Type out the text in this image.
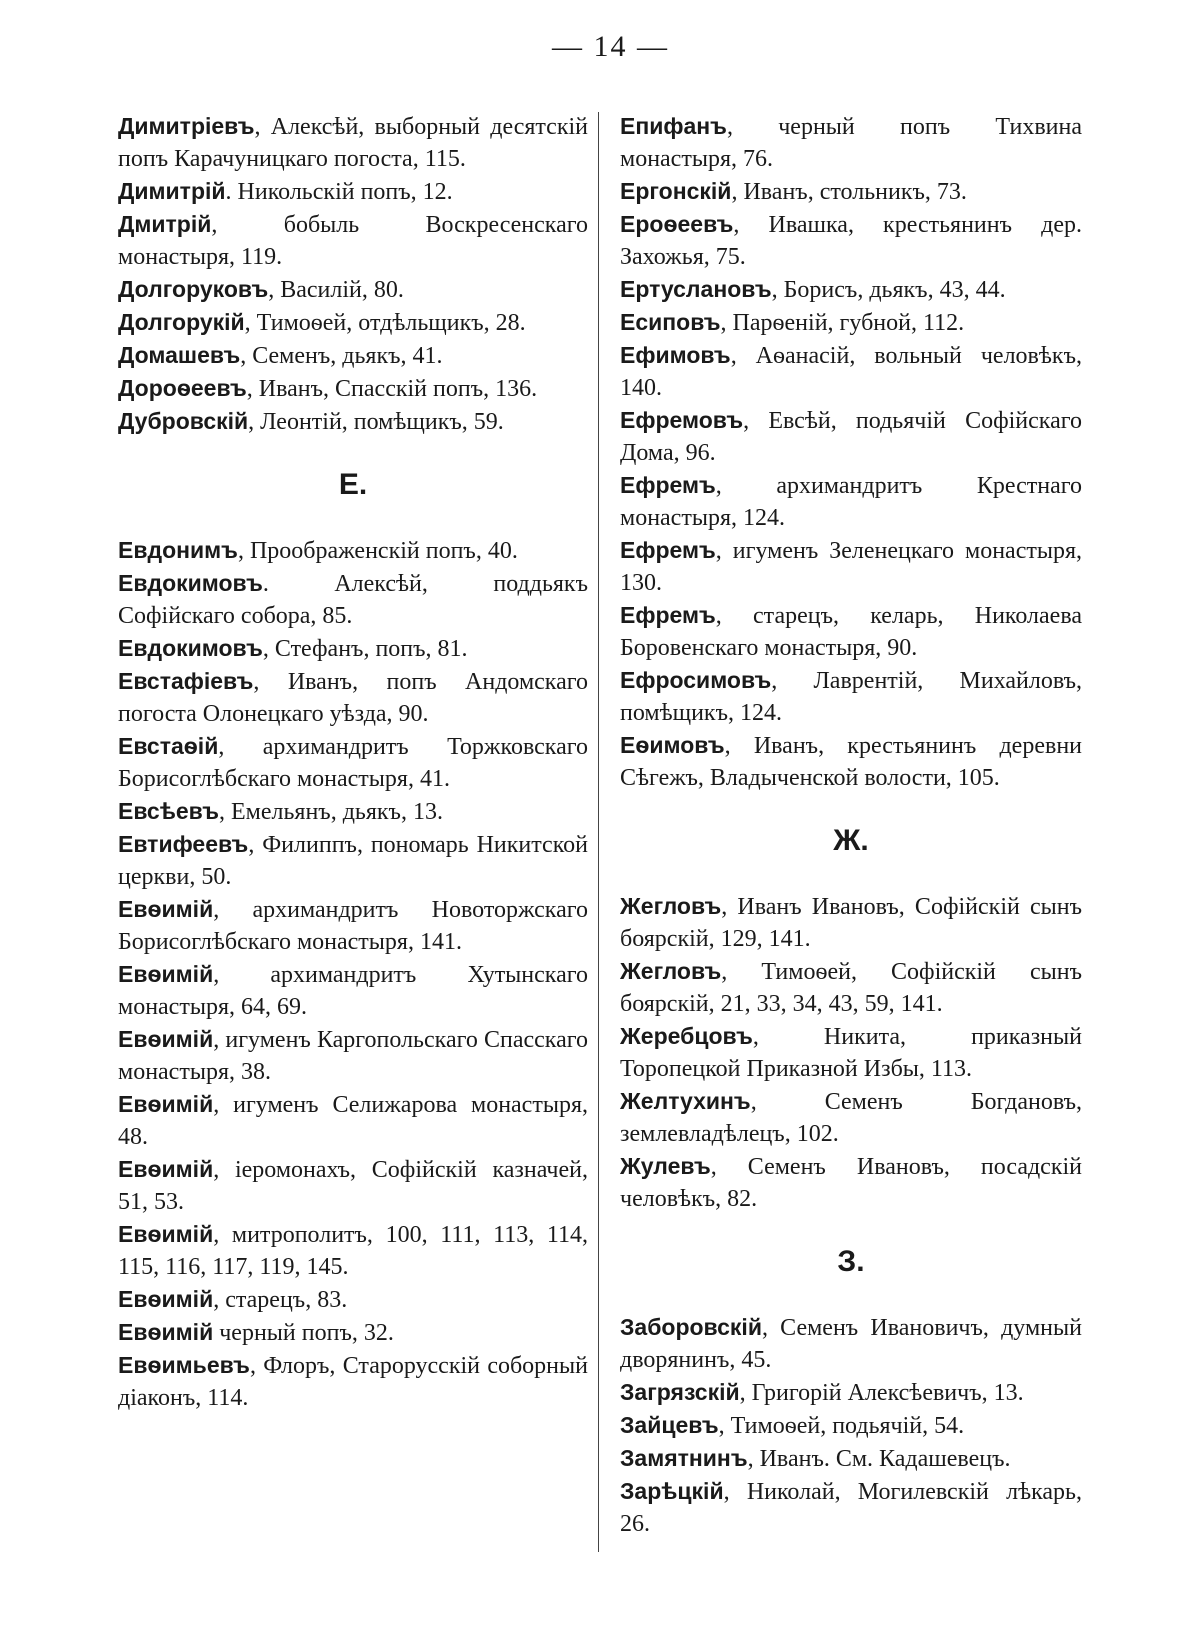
— 14 —
Димитріевъ, Алексѣй, выборный десятскій попъ Карачуницкаго погоста, 115.
Димитрій. Никольскій попъ, 12.
Дмитрій, бобыль Воскресенскаго монастыря, 119.
Долгоруковъ, Василій, 80.
Долгорукій, Тимоѳей, отдѣльщикъ, 28.
Домашевъ, Семенъ, дьякъ, 41.
Дороѳеевъ, Иванъ, Спасскій попъ, 136.
Дубровскій, Леонтій, помѣщикъ, 59.
Е.
Евдонимъ, Проображенскій попъ, 40.
Евдокимовъ. Алексѣй, поддьякъ Софійскаго собора, 85.
Евдокимовъ, Стефанъ, попъ, 81.
Евстафіевъ, Иванъ, попъ Андомскаго погоста Олонецкаго уѣзда, 90.
Евстаѳій, архимандритъ Торжковскаго Борисоглѣбскаго монастыря, 41.
Евсѣевъ, Емельянъ, дьякъ, 13.
Евтифеевъ, Филиппъ, пономарь Никитской церкви, 50.
Евѳимій, архимандритъ Новоторжскаго Борисоглѣбскаго монастыря, 141.
Евѳимій, архимандритъ Хутынскаго монастыря, 64, 69.
Евѳимій, игуменъ Каргопольскаго Спасскаго монастыря, 38.
Евѳимій, игуменъ Селижарова монастыря, 48.
Евѳимій, іеромонахъ, Софійскій казначей, 51, 53.
Евѳимій, митрополитъ, 100, 111, 113, 114, 115, 116, 117, 119, 145.
Евѳимій, старецъ, 83.
Евѳимій черный попъ, 32.
Евѳимьевъ, Флоръ, Старорусскій соборный діаконъ, 114.
Епифанъ, черный попъ Тихвина монастыря, 76.
Ергонскій, Иванъ, стольникъ, 73.
Ероѳеевъ, Ивашка, крестьянинъ дер. Захожья, 75.
Ертуслановъ, Борисъ, дьякъ, 43, 44.
Есиповъ, Парѳеній, губной, 112.
Ефимовъ, Аѳанасій, вольный человѣкъ, 140.
Ефремовъ, Евсѣй, подьячій Софійскаго Дома, 96.
Ефремъ, архимандритъ Крестнаго монастыря, 124.
Ефремъ, игуменъ Зеленецкаго монастыря, 130.
Ефремъ, старецъ, келарь, Николаева Боровенскаго монастыря, 90.
Ефросимовъ, Лаврентій, Михайловъ, помѣщикъ, 124.
Еѳимовъ, Иванъ, крестьянинъ деревни Сѣгежъ, Владыченской волости, 105.
Ж.
Жегловъ, Иванъ Ивановъ, Софійскій сынъ боярскій, 129, 141.
Жегловъ, Тимоѳей, Софійскій сынъ боярскій, 21, 33, 34, 43, 59, 141.
Жеребцовъ, Никита, приказный Торопецкой Приказной Избы, 113.
Желтухинъ, Семенъ Богдановъ, землевладѣлецъ, 102.
Жулевъ, Семенъ Ивановъ, посадскій человѣкъ, 82.
З.
Заборовскій, Семенъ Ивановичъ, думный дворянинъ, 45.
Загрязскій, Григорій Алексѣевичъ, 13.
Зайцевъ, Тимоѳей, подьячій, 54.
Замятнинъ, Иванъ. См. Кадашевецъ.
Зарѣцкій, Николай, Могилевскій лѣкарь, 26.
